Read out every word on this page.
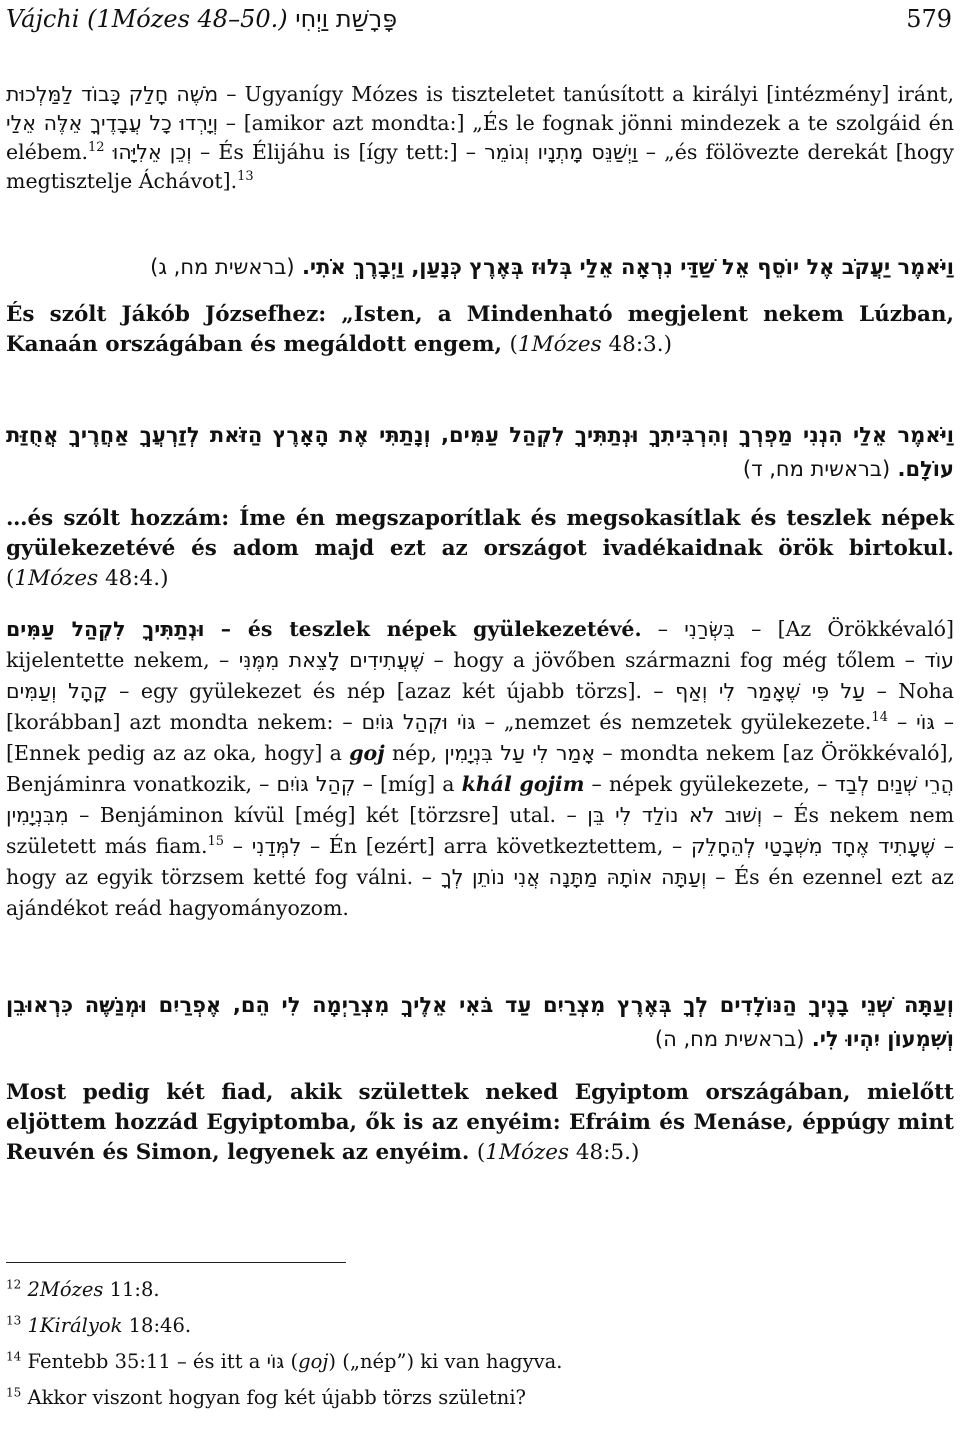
Vájchi (1Mózes 48–50.) פָּרָשַׁת וַיְחִי	579
מֹשֶׁה חָלַק כָּבוֹד לַמַּלְכוּת – Ugyanígy Mózes is tiszteletet tanúsított a királyi [intézmény] iránt, וְיָרְדוּ כָל עֲבָדֶיךָ אֵלֶּה אֵלַי – [amikor azt mondta:] „És le fognak jönni mindezek a te szolgáid én elébem.$^{12}$ וְכֵן אֵלִיָּהוּ – És Élijáhu is [így tett:] – וַיְשַׁנֵּס מָתְנָיו וְגוֹמֵר – „és fölövezte derekát [hogy megtisztelje Áchávot].$^{13}$
וַיֹּאמֶר יַעֲקֹב אֶל יוֹסֵף אֵל שַׁדַּי נִרְאָה אֵלַי בְּלוּז בְּאֶרֶץ כְּנָעַן, וַיְבָרֶךְ אֹתִי. (בראשית מח, ג)
És szólt Jákób Józsefhez: „Isten, a Mindenható megjelent nekem Lúzban, Kanaán országában és megáldott engem, (1Mózes 48:3.)
וַיֹּאמֶר אֵלַי הִנְנִי מַפְרְךָ וְהִרְבִּיתִךָ וּנְתַתִּיךָ לִקְהַל עַמִּים, וְנָתַתִּי אֶת הָאָרֶץ הַזֹּאת לְזַרְעֲךָ אַחֲרֶיךָ אֲחֻזַּת עוֹלָם. (בראשית מח, ד)
…és szólt hozzám: Íme én megszaporítlak és megsokasítlak és teszlek népek gyülekezetévé és adom majd ezt az országot ivadékaidnak örök birtokul. (1Mózes 48:4.)
וּנְתַתִּיךָ לִקְהַל עַמִּים – és teszlek népek gyülekezetévé. – בִּשְּׂרַנִי – [Az Örökkévaló] kijelentette nekem, – שֶׁעֲתִידִים לָצֵאת מִמֶּנִּי – hogy a jövőben származni fog még tőlem – עוֹד קָהָל וְעַמִּים – egy gyülekezet és nép [azaz két újabb törzs]. – וְאַף עַל פִּי שֶׁאָמַר לִי – Noha [korábban] azt mondta nekem: – גּוֹי וּקְהַל גּוֹיִם – „nemzet és nemzetek gyülekezete.$^{14}$ – גּוֹי – [Ennek pedig az az oka, hogy] a goj nép, אָמַר לִי עַל בִּנְיָמִין – mondta nekem [az Örökkévaló], Benjáminra vonatkozik, – קְהַל גּוֹיִם – [míg] a khál gojim – népek gyülekezete, – הֲרֵי שְׁנַיִם לְבַד מִבִּנְיָמִין – Benjáminon kívül [még] két [törzsre] utal. – וְשׁוּב לֹא נוֹלַד לִי בֵּן – És nekem nem született más fiam.$^{15}$ – לִמְּדַנִי – Én [ezért] arra következtettem, – שֶׁעָתִיד אֶחָד מִשְּׁבָטַי לְהֵחָלֵק – hogy az egyik törzsem ketté fog válni. – וְעַתָּה אוֹתָהּ מַתָּנָה אֲנִי נוֹתֵן לְךָ – És én ezennel ezt az ajándékot reád hagyományozom.
וְעַתָּה שְׁנֵי בָנֶיךָ הַנּוֹלָדִים לְךָ בְּאֶרֶץ מִצְרַיִם עַד בֹּאִי אֵלֶיךָ מִצְרַיְמָה לִי הֵם, אֶפְרַיִם וּמְנַשֶּׁה כִּרְאוּבֵן וְשִׁמְעוֹן יִהְיוּ לִי. (בראשית מח, ה)
Most pedig két fiad, akik születtek neked Egyiptom országában, mielőtt eljöttem hozzád Egyiptomba, ők is az enyéim: Efráim és Menáse, éppúgy mint Reuvén és Simon, legyenek az enyéim. (1Mózes 48:5.)
$^{12}$ 2Mózes 11:8.
$^{13}$ 1Királyok 18:46.
$^{14}$ Fentebb 35:11 – és itt a גּוֹי (goj) („nép”) ki van hagyva.
$^{15}$ Akkor viszont hogyan fog két újabb törzs születni?
